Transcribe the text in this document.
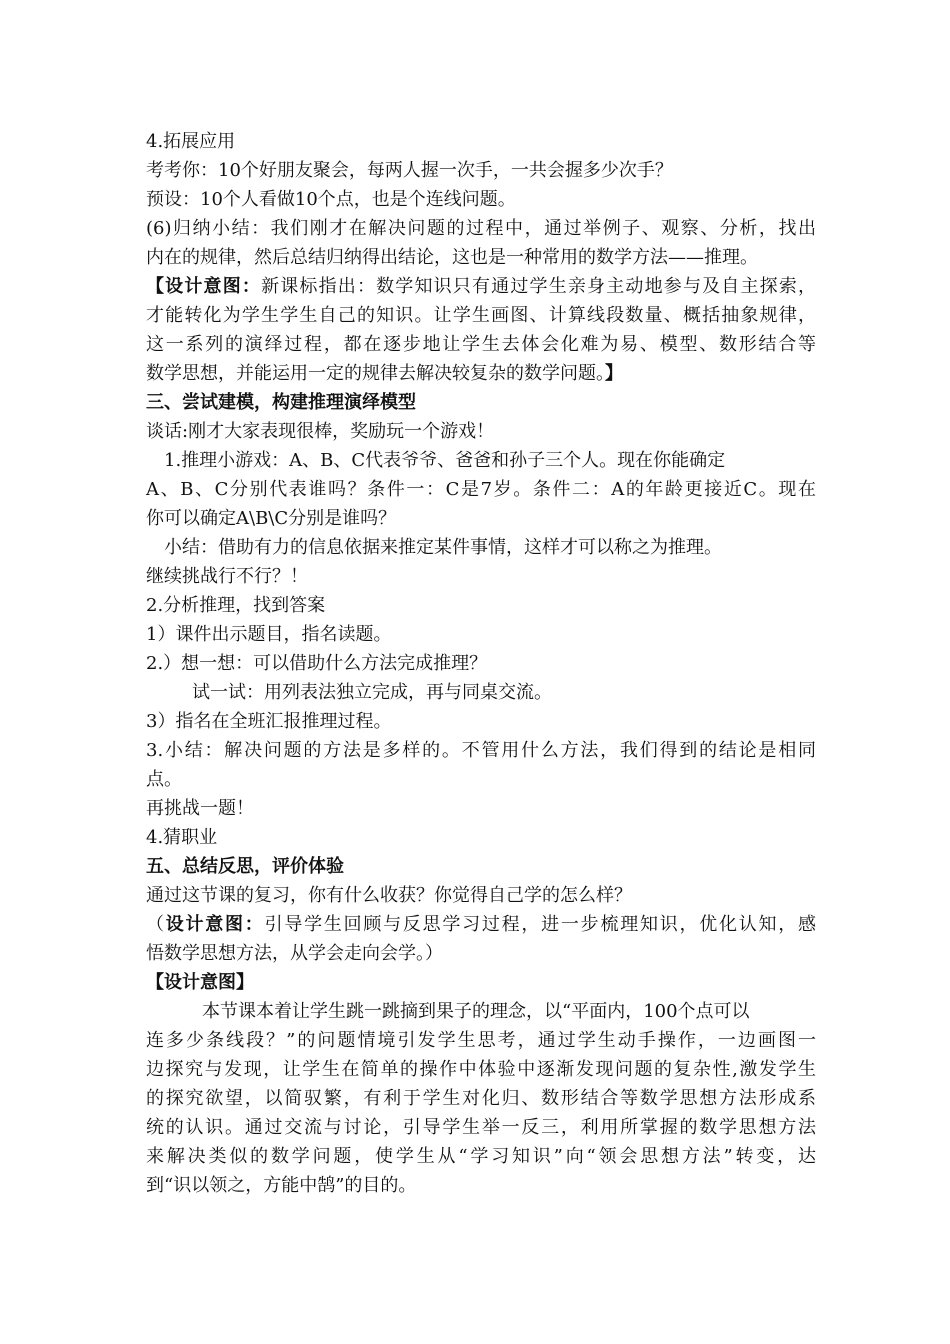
4.拓展应用
考考你：10个好朋友聚会，每两人握一次手，一共会握多少次手？
预设：10个人看做10个点，也是个连线问题。
(6)归纳小结：我们刚才在解决问题的过程中，通过举例子、观察、分析，找出
内在的规律，然后总结归纳得出结论，这也是一种常用的数学方法——推理。
【设计意图：新课标指出：数学知识只有通过学生亲身主动地参与及自主探索，
才能转化为学生学生自己的知识。让学生画图、计算线段数量、概括抽象规律，
这一系列的演绎过程，都在逐步地让学生去体会化难为易、模型、数形结合等
数学思想，并能运用一定的规律去解决较复杂的数学问题。】
三、尝试建模，构建推理演绎模型
谈话:刚才大家表现很棒，奖励玩一个游戏！
1.推理小游戏：A、B、C代表爷爷、爸爸和孙子三个人。现在你能确定
A、B、C分别代表谁吗？条件一：C是7岁。条件二：A的年龄更接近C。现在
你可以确定A\B\C分别是谁吗？
小结：借助有力的信息依据来推定某件事情，这样才可以称之为推理。
继续挑战行不行？！
2.分析推理，找到答案
1）课件出示题目，指名读题。
2.）想一想：可以借助什么方法完成推理？
试一试：用列表法独立完成，再与同桌交流。
3）指名在全班汇报推理过程。
3.小结：解决问题的方法是多样的。不管用什么方法，我们得到的结论是相同
点。
再挑战一题！
4.猜职业
五、总结反思，评价体验
通过这节课的复习，你有什么收获？你觉得自己学的怎么样？
（设计意图：引导学生回顾与反思学习过程，进一步梳理知识，优化认知，感
悟数学思想方法，从学会走向会学。）
【设计意图】
本节课本着让学生跳一跳摘到果子的理念，以“平面内，100个点可以
连多少条线段？”的问题情境引发学生思考，通过学生动手操作，一边画图一
边探究与发现，让学生在简单的操作中体验中逐渐发现问题的复杂性,激发学生
的探究欲望，以简驭繁，有利于学生对化归、数形结合等数学思想方法形成系
统的认识。通过交流与讨论，引导学生举一反三，利用所掌握的数学思想方法
来解决类似的数学问题，使学生从“学习知识”向“领会思想方法”转变，达
到“识以领之，方能中鹄”的目的。
